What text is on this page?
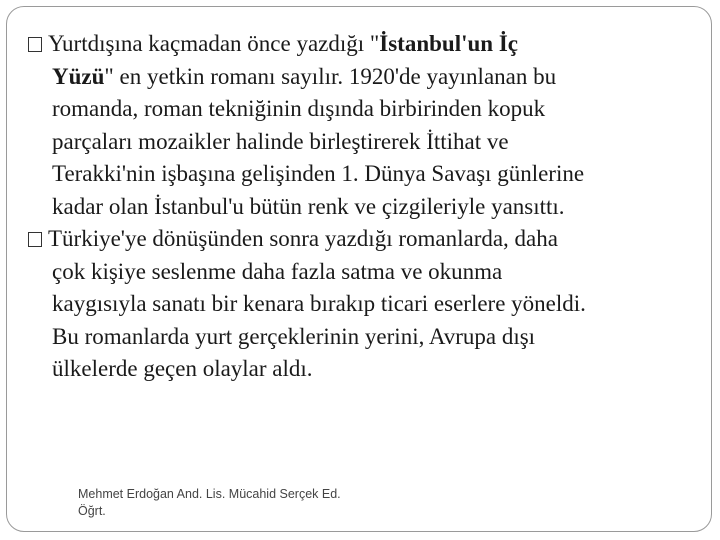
Yurtdışına kaçmadan önce yazdığı "İstanbul'un İç
Yüzü" en yetkin romanı sayılır. 1920'de yayınlanan bu
romanda, roman tekniğinin dışında birbirinden kopuk
parçaları mozaikler halinde birleştirerek İttihat ve
Terakki'nin işbaşına gelişinden 1. Dünya Savaşı günlerine
kadar olan İstanbul'u bütün renk ve çizgileriyle yansıttı.
Türkiye'ye dönüşünden sonra yazdığı romanlarda, daha
çok kişiye seslenme daha fazla satma ve okunma
kaygısıyla sanatı bir kenara bırakıp ticari eserlere yöneldi.
Bu romanlarda yurt gerçeklerinin yerini, Avrupa dışı
ülkelerde geçen olaylar aldı.
Mehmet Erdoğan And. Lis. Mücahid Serçek Ed.
Öğrt.
